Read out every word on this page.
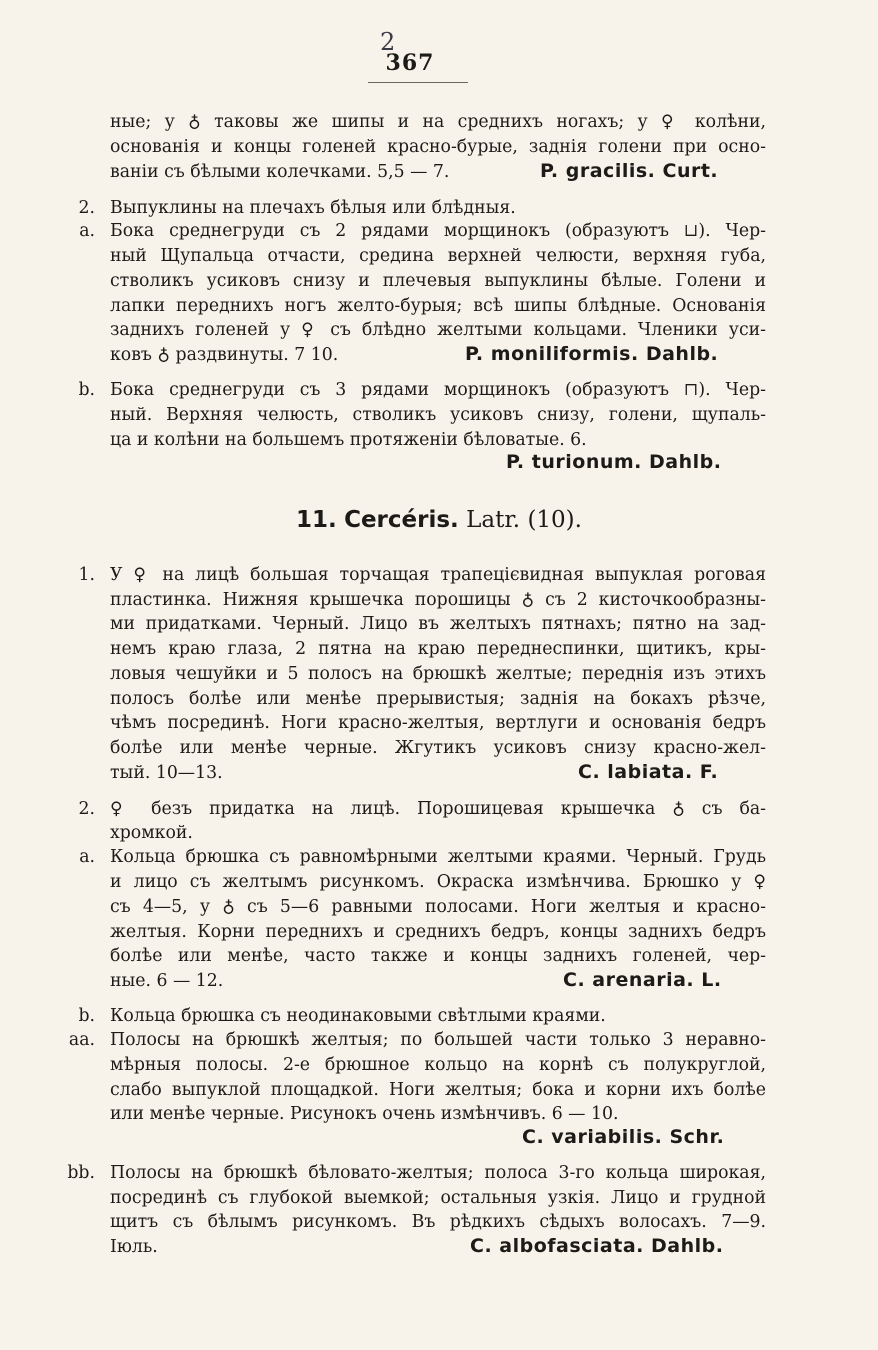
2
367
ные; у ♁ таковы же шипы и на среднихъ ногахъ; у ♀ колѣни,
основанія и концы голеней красно-бурые, заднія голени при осно-
ваніи съ бѣлыми колечками. 5,5 — 7.	P. gracilis. Curt.
2. Выпуклины на плечахъ бѣлыя или блѣдныя.
a. Бока среднегруди съ 2 рядами морщинокъ (образуютъ ⊔). Чер-
ный Щупальца отчасти, средина верхней челюсти, верхняя губа,
стволикъ усиковъ снизу и плечевыя выпуклины бѣлые. Голени и
лапки переднихъ ногъ желто-бурыя; всѣ шипы блѣдные. Основанія
заднихъ голеней у ♀ съ блѣдно желтыми кольцами. Членики уси-
ковъ ♁ раздвинуты. 7 10.	P. moniliformis. Dahlb.
b. Бока среднегруди съ 3 рядами морщинокъ (образуютъ ⊓). Чер-
ный. Верхняя челюсть, стволикъ усиковъ снизу, голени, щупаль-
ца и колѣни на большемъ протяженіи бѣловатые. 6.
P. turionum. Dahlb.
11. Cercéris. Latr. (10).
1. У ♀ на лицѣ большая торчащая трапецієвидная выпуклая роговая
пластинка. Нижняя крышечка порошицы ♁ съ 2 кисточкообразны-
ми придатками. Черный. Лицо въ желтыхъ пятнахъ; пятно на зад-
немъ краю глаза, 2 пятна на краю переднеспинки, щитикъ, кры-
ловыя чешуйки и 5 полосъ на брюшкѣ желтые; переднія изъ этихъ
полосъ болѣе или менѣе прерывистыя; заднія на бокахъ рѣзче,
чѣмъ посрединѣ. Ноги красно-желтыя, вертлуги и основанія бедръ
болѣе или менѣе черные. Жгутикъ усиковъ снизу красно-жел-
тый. 10—13.	C. labiata. F.
2. ♀ безъ придатка на лицѣ. Порошицевая крышечка ♁ съ ба-
хромкой.
a. Кольца брюшка съ равномѣрными желтыми краями. Черный. Грудь
и лицо съ желтымъ рисункомъ. Окраска измѣнчива. Брюшко у ♀
съ 4—5, у ♁ съ 5—6 равными полосами. Ноги желтыя и красно-
желтыя. Корни переднихъ и среднихъ бедръ, концы заднихъ бедръ
болѣе или менѣе, часто также и концы заднихъ голеней, чер-
ные. 6 — 12.	C. arenaria. L.
b. Кольца брюшка съ неодинаковыми свѣтлыми краями.
aa. Полосы на брюшкѣ желтыя; по большей части только 3 неравно-
мѣрныя полосы. 2-е брюшное кольцо на корнѣ съ полукруглой,
слабо выпуклой площадкой. Ноги желтыя; бока и корни ихъ болѣе
или менѣе черные. Рисунокъ очень измѣнчивъ. 6 — 10.
C. variabilis. Schr.
bb. Полосы на брюшкѣ бѣловато-желтыя; полоса 3-го кольца широкая,
посрединѣ съ глубокой выемкой; остальныя узкія. Лицо и грудной
щитъ съ бѣлымъ рисункомъ. Въ рѣдкихъ сѣдыхъ волосахъ. 7—9.
Іюль.	C. albofasciata. Dahlb.
